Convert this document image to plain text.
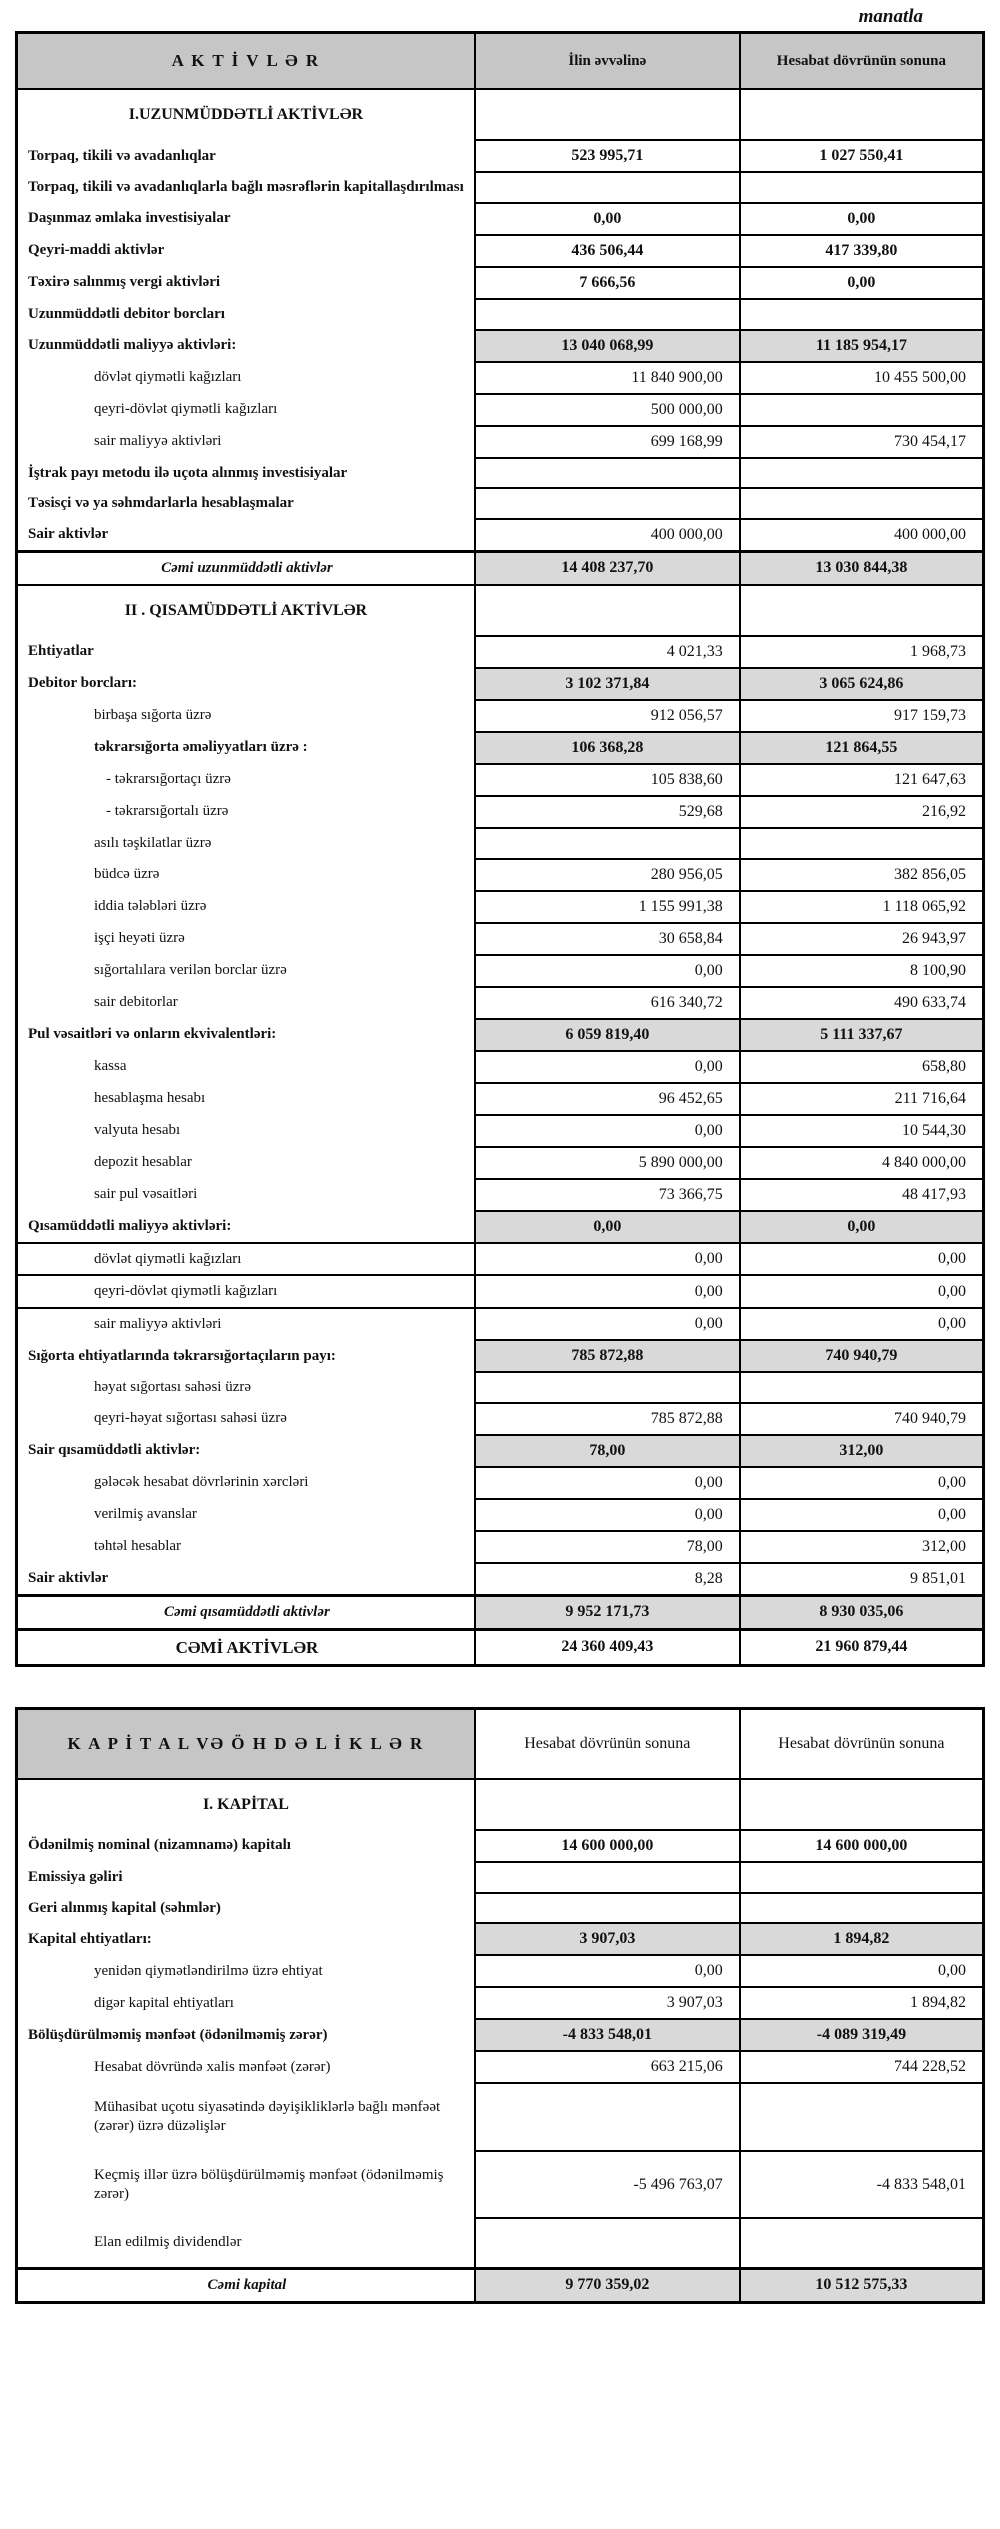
manatla
A K T İ V L Ə R	İlin əvvəlinə	Hesabat dövrünün sonuna
I.UZUNMÜDDƏTLİ AKTİVLƏR		
Torpaq, tikili və avadanlıqlar	523 995,71	1 027 550,41
Torpaq, tikili və avadanlıqlarla bağlı məsrəflərin kapitallaşdırılması		
Daşınmaz əmlaka investisiyalar	0,00	0,00
Qeyri-maddi aktivlər	436 506,44	417 339,80
Təxirə salınmış vergi aktivləri	7 666,56	0,00
Uzunmüddətli debitor borcları		
Uzunmüddətli maliyyə aktivləri:	13 040 068,99	11 185 954,17
dövlət qiymətli kağızları	11 840 900,00	10 455 500,00
qeyri-dövlət qiymətli kağızları	500 000,00	
sair maliyyə aktivləri	699 168,99	730 454,17
İştrak payı metodu ilə uçota alınmış investisiyalar		
Təsisçi və ya səhmdarlarla hesablaşmalar		
Sair aktivlər	400 000,00	400 000,00
Cəmi uzunmüddətli aktivlər	14 408 237,70	13 030 844,38
II . QISAMÜDDƏTLİ AKTİVLƏR		
Ehtiyatlar	4 021,33	1 968,73
Debitor borcları:	3 102 371,84	3 065 624,86
birbaşa sığorta üzrə	912 056,57	917 159,73
təkrarsığorta əməliyyatları üzrə :	106 368,28	121 864,55
- təkrarsığortaçı üzrə	105 838,60	121 647,63
- təkrarsığortalı üzrə	529,68	216,92
asılı təşkilatlar üzrə		
büdcə üzrə	280 956,05	382 856,05
iddia tələbləri üzrə	1 155 991,38	1 118 065,92
işçi heyəti üzrə	30 658,84	26 943,97
sığortalılara verilən borclar üzrə	0,00	8 100,90
sair debitorlar	616 340,72	490 633,74
Pul vəsaitləri və onların ekvivalentləri:	6 059 819,40	5 111 337,67
kassa	0,00	658,80
hesablaşma hesabı	96 452,65	211 716,64
valyuta hesabı	0,00	10 544,30
depozit hesablar	5 890 000,00	4 840 000,00
sair pul vəsaitləri	73 366,75	48 417,93
Qısamüddətli maliyyə aktivləri:	0,00	0,00
dövlət qiymətli kağızları	0,00	0,00
qeyri-dövlət qiymətli kağızları	0,00	0,00
sair maliyyə aktivləri	0,00	0,00
Sığorta ehtiyatlarında təkrarsığortaçıların payı:	785 872,88	740 940,79
həyat sığortası sahəsi üzrə		
qeyri-həyat sığortası sahəsi üzrə	785 872,88	740 940,79
Sair qısamüddətli aktivlər:	78,00	312,00
gələcək hesabat dövrlərinin xərcləri	0,00	0,00
verilmiş avanslar	0,00	0,00
təhtəl hesablar	78,00	312,00
Sair aktivlər	8,28	9 851,01
Cəmi qısamüddətli aktivlər	9 952 171,73	8 930 035,06
CƏMİ AKTİVLƏR	24 360 409,43	21 960 879,44
K A P İ T A L VƏ Ö H D Ə L İ K L Ə R	Hesabat dövrünün sonuna	Hesabat dövrünün sonuna
I. KAPİTAL		
Ödənilmiş nominal (nizamnamə) kapitalı	14 600 000,00	14 600 000,00
Emissiya gəliri		
Geri alınmış kapital (səhmlər)		
Kapital ehtiyatları:	3 907,03	1 894,82
yenidən qiymətləndirilmə üzrə ehtiyat	0,00	0,00
digər kapital ehtiyatları	3 907,03	1 894,82
Bölüşdürülməmiş mənfəət (ödənilməmiş zərər)	-4 833 548,01	-4 089 319,49
Hesabat dövründə xalis mənfəət (zərər)	663 215,06	744 228,52
Mühasibat uçotu siyasətində dəyişikliklərlə bağlı mənfəət (zərər) üzrə düzəlişlər		
Keçmiş illər üzrə bölüşdürülməmiş mənfəət (ödənilməmiş zərər)	-5 496 763,07	-4 833 548,01
Elan edilmiş dividendlər		
Cəmi kapital	9 770 359,02	10 512 575,33
